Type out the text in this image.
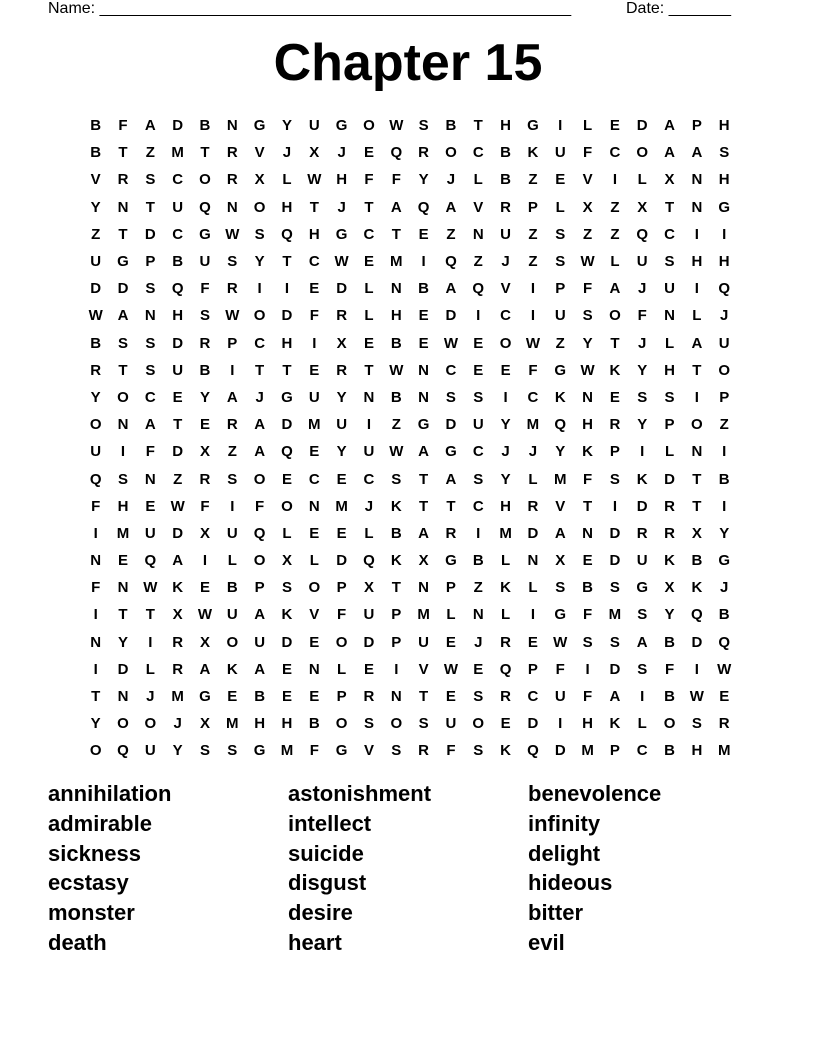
Name: _____________________________________________________	Date: _______
Chapter 15
B	F	A	D	B	N	G	Y	U	G	O W	S	B	T	H	G	I	L	E	D	A	P	H
B	T	Z	M	T	R	V	J	X	J	E	Q	R	O	C	B	K	U	F	C	O	A	A	S
V	R	S	C	O	R	X	L	W H	F	F	Y	J	L	B	Z	E	V	I	L	X	N	H
Y	N	T	U	Q	N	O	H	T	J	T	A	Q	A	V	R	P	L	X	Z	X	T	N	G
Z	T	D	C	G W	S	Q	H	G	C	T	E	Z	N	U	Z	S	Z	Z	Q	C	I	I
U	G	P	B	U	S	Y	T	C W	E	M	I	Q	Z	J	Z	S	W	L	U	S	H	H
D	D	S	Q	F	R	I	I	E	D	L	N	B	A	Q	V	I	P	F	A	J	U	I	Q
W A	N	H	S	W O	D	F	R	L	H	E	D	I	C	I	U	S	O	F	N	L	J
B	S	S	D	R	P	C	H	I	X	E	B	E	W	E	O W	Z	Y	T	J	L	A	U
R	T	S	U	B	I	T	T	E	R	T	W N	C	E	E	F	G W K	Y	H	T	O
Y	O	C	E	Y	A	J	G	U	Y	N	B	N	S	S	I	C	K	N	E	S	S	I	P
O	N	A	T	E	R	A	D	M	U	I	Z	G	D	U	Y	M	Q	H	R	Y	P	O	Z
U	I	F	D	X	Z	A	Q	E	Y	U W A	G	C	J	J	Y	K	P	I	L	N	I
Q	S	N	Z	R	S	O	E	C	E	C	S	T	A	S	Y	L	M	F	S	K	D	T	B
F	H	E	W	F	I	F	O	N	M	J	K	T	T	C	H	R	V	T	I	D	R	T	I
I	M	U	D	X	U	Q	L	E	E	L	B	A	R	I	M	D	A	N	D	R	R	X	Y
N	E	Q	A	I	L	O	X	L	D	Q	K	X	G	B	L	N	X	E	D	U	K	B	G
F	N W K	E	B	P	S	O	P	X	T	N	P	Z	K	L	S	B	S	G	X	K	J
I	T	T	X	W U	A	K	V	F	U	P	M	L	N	L	I	G	F	M	S	Y	Q	B
N	Y	I	R	X	O	U	D	E	O	D	P	U	E	J	R	E	W	S	S	A	B	D	Q
I	D	L	R	A	K	A	E	N	L	E	I	V	W	E	Q	P	F	I	D	S	F	I	W
T	N	J	M	G	E	B	E	E	P	R	N	T	E	S	R	C	U	F	A	I	B W	E
Y	O	O	J	X	M	H	H	B	O	S	O	S	U	O	E	D	I	H	K	L	O	S	R
O	Q	U	Y	S	S	G	M	F	G	V	S	R	F	S	K	Q	D	M	P	C	B	H	M
annihilation	astonishment	benevolence
admirable	intellect	infinity
sickness	suicide	delight
ecstasy	disgust	hideous
monster	desire	bitter
death	heart	evil
